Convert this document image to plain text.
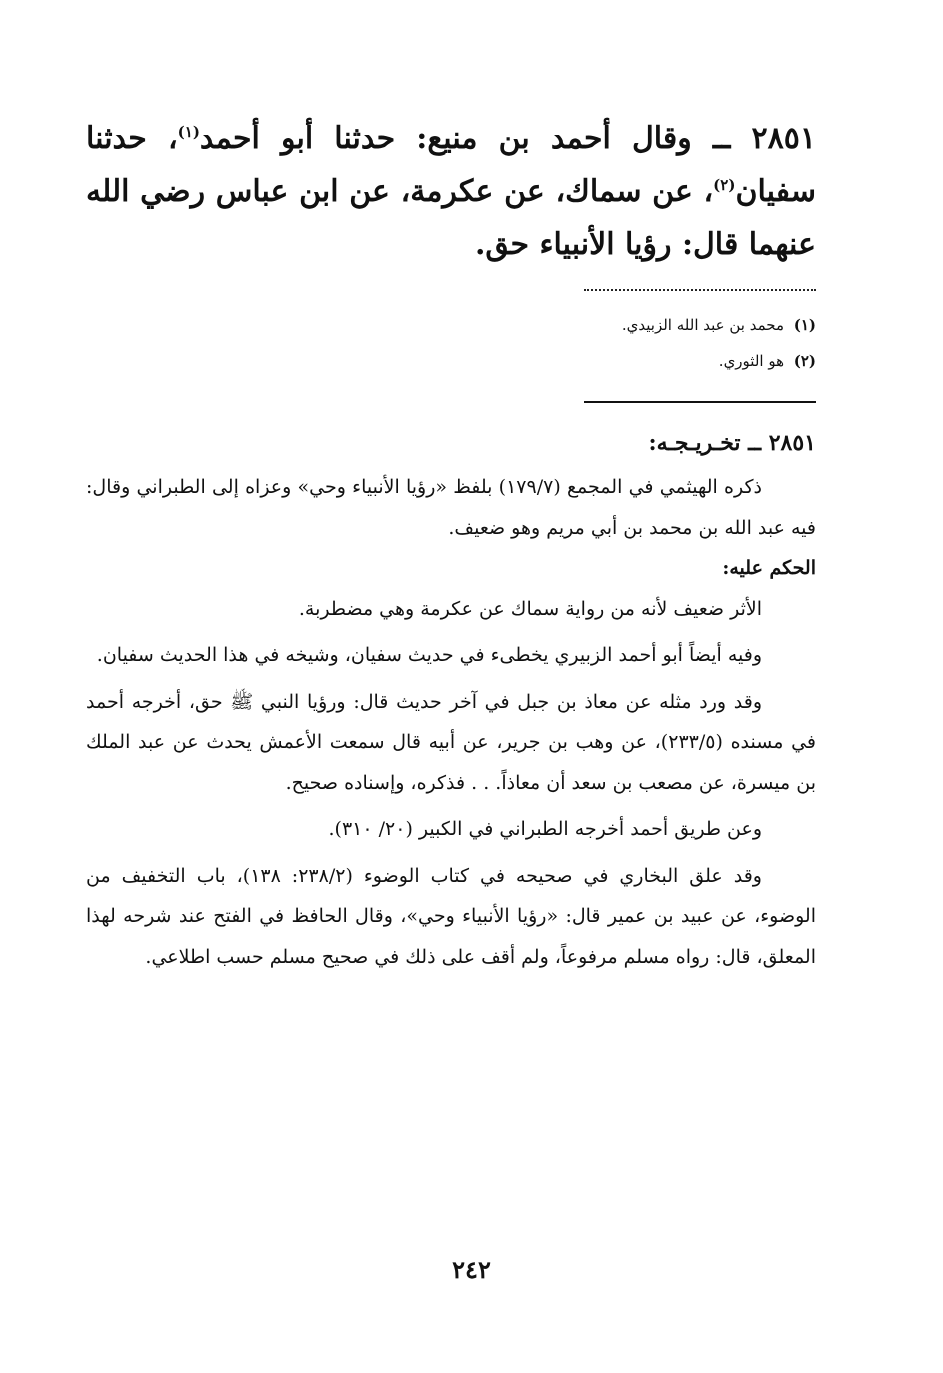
٢٨٥١ ــ وقال أحمد بن منيع: حدثنا أبو أحمد$^{(١)}$، حدثنا سفيان$^{(٢)}$، عن سماك، عن عكرمة، عن ابن عباس رضي الله عنهما قال: رؤيا الأنبياء حق.

(١)محمد بن عبد الله الزبيدي.

(٢)هو الثوري.

٢٨٥١ ــ تخـريـجـه:

ذكره الهيثمي في المجمع (١٧٩/٧) بلفظ «رؤيا الأنبياء وحي» وعزاه إلى الطبراني وقال: فيه عبد الله بن محمد بن أبي مريم وهو ضعيف.

الحكم عليه:

الأثر ضعيف لأنه من رواية سماك عن عكرمة وهي مضطربة.

وفيه أيضاً أبو أحمد الزبيري يخطىء في حديث سفيان، وشيخه في هذا الحديث سفيان.

وقد ورد مثله عن معاذ بن جبل في آخر حديث قال: ورؤيا النبي ﷺ حق، أخرجه أحمد في مسنده (٢٣٣/٥)، عن وهب بن جرير، عن أبيه قال سمعت الأعمش يحدث عن عبد الملك بن ميسرة، عن مصعب بن سعد أن معاذاً. . . فذكره، وإسناده صحيح.

وعن طريق أحمد أخرجه الطبراني في الكبير (٢٠/ ٣١٠).

وقد علق البخاري في صحيحه في كتاب الوضوء (٢٣٨/٢: ١٣٨)، باب التخفيف من الوضوء، عن عبيد بن عمير قال: «رؤيا الأنبياء وحي»، وقال الحافظ في الفتح عند شرحه لهذا المعلق، قال: رواه مسلم مرفوعاً، ولم أقف على ذلك في صحيح مسلم حسب اطلاعي.

٢٤٢
